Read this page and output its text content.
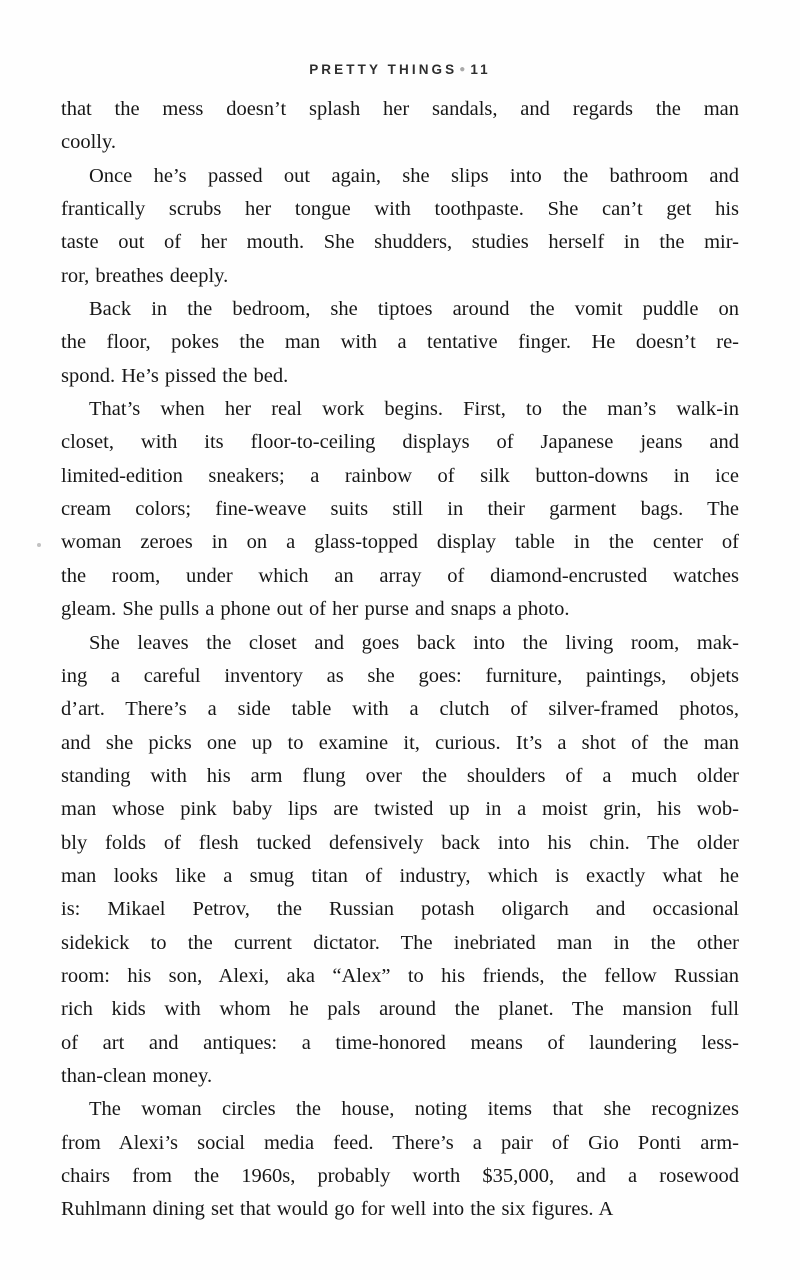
PRETTY THINGS ● 11
that the mess doesn’t splash her sandals, and regards the man
coolly.
Once he’s passed out again, she slips into the bathroom and
frantically scrubs her tongue with toothpaste. She can’t get his
taste out of her mouth. She shudders, studies herself in the mir-
ror, breathes deeply.
Back in the bedroom, she tiptoes around the vomit puddle on
the floor, pokes the man with a tentative finger. He doesn’t re-
spond. He’s pissed the bed.
That’s when her real work begins. First, to the man’s walk-in
closet, with its floor-to-ceiling displays of Japanese jeans and
limited-edition sneakers; a rainbow of silk button-downs in ice
cream colors; fine-weave suits still in their garment bags. The
woman zeroes in on a glass-topped display table in the center of
the room, under which an array of diamond-encrusted watches
gleam. She pulls a phone out of her purse and snaps a photo.
She leaves the closet and goes back into the living room, mak-
ing a careful inventory as she goes: furniture, paintings, objets
d’art. There’s a side table with a clutch of silver-framed photos,
and she picks one up to examine it, curious. It’s a shot of the man
standing with his arm flung over the shoulders of a much older
man whose pink baby lips are twisted up in a moist grin, his wob-
bly folds of flesh tucked defensively back into his chin. The older
man looks like a smug titan of industry, which is exactly what he
is: Mikael Petrov, the Russian potash oligarch and occasional
sidekick to the current dictator. The inebriated man in the other
room: his son, Alexi, aka “Alex” to his friends, the fellow Russian
rich kids with whom he pals around the planet. The mansion full
of art and antiques: a time-honored means of laundering less-
than-clean money.
The woman circles the house, noting items that she recognizes
from Alexi’s social media feed. There’s a pair of Gio Ponti arm-
chairs from the 1960s, probably worth $35,000, and a rosewood
Ruhlmann dining set that would go for well into the six figures. A
